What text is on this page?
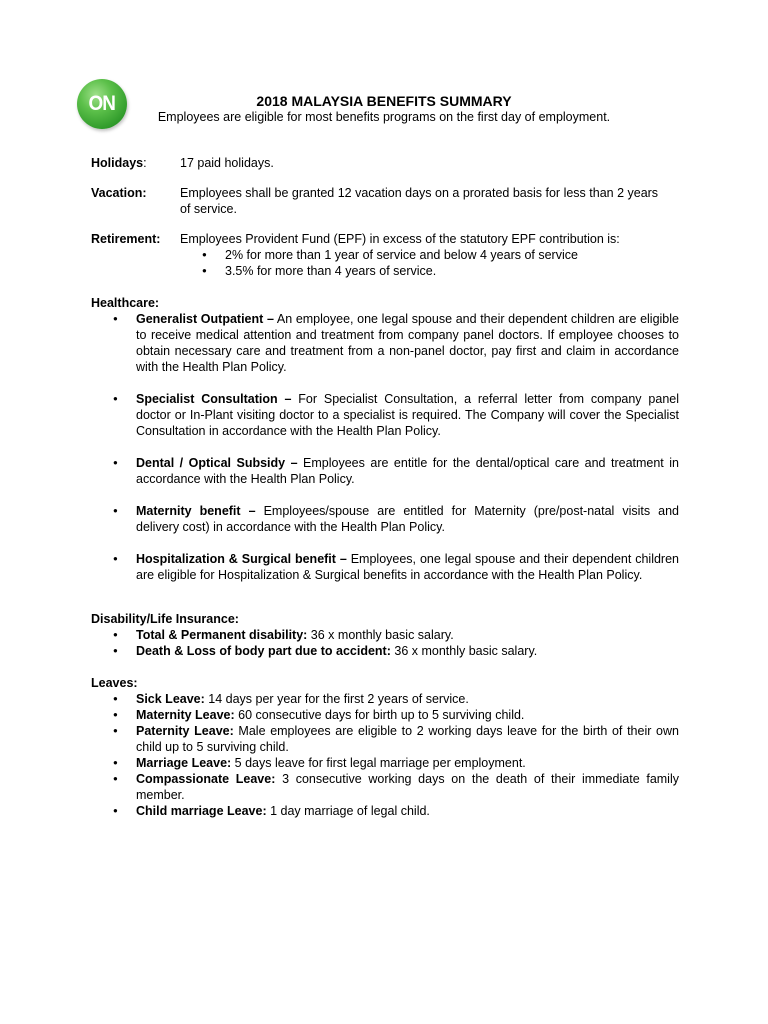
ON	2018 MALAYSIA BENEFITS SUMMARY
Employees are eligible for most benefits programs on the first day of employment.
Holidays:	17 paid holidays.
Vacation:	Employees shall be granted 12 vacation days on a prorated basis for less than 2 years of service.
Retirement:	Employees Provident Fund (EPF) in excess of the statutory EPF contribution is:
● 2% for more than 1 year of service and below 4 years of service
● 3.5% for more than 4 years of service.
Healthcare:
● Generalist Outpatient – An employee, one legal spouse and their dependent children are eligible to receive medical attention and treatment from company panel doctors. If employee chooses to obtain necessary care and treatment from a non-panel doctor, pay first and claim in accordance with the Health Plan Policy.
● Specialist Consultation – For Specialist Consultation, a referral letter from company panel doctor or In-Plant visiting doctor to a specialist is required. The Company will cover the Specialist Consultation in accordance with the Health Plan Policy.
● Dental / Optical Subsidy – Employees are entitle for the dental/optical care and treatment in accordance with the Health Plan Policy.
● Maternity benefit – Employees/spouse are entitled for Maternity (pre/post-natal visits and delivery cost) in accordance with the Health Plan Policy.
● Hospitalization & Surgical benefit – Employees, one legal spouse and their dependent children are eligible for Hospitalization & Surgical benefits in accordance with the Health Plan Policy.
Disability/Life Insurance:
● Total & Permanent disability: 36 x monthly basic salary.
● Death & Loss of body part due to accident: 36 x monthly basic salary.
Leaves:
● Sick Leave: 14 days per year for the first 2 years of service.
● Maternity Leave: 60 consecutive days for birth up to 5 surviving child.
● Paternity Leave: Male employees are eligible to 2 working days leave for the birth of their own child up to 5 surviving child.
● Marriage Leave: 5 days leave for first legal marriage per employment.
● Compassionate Leave: 3 consecutive working days on the death of their immediate family member.
● Child marriage Leave: 1 day marriage of legal child.
